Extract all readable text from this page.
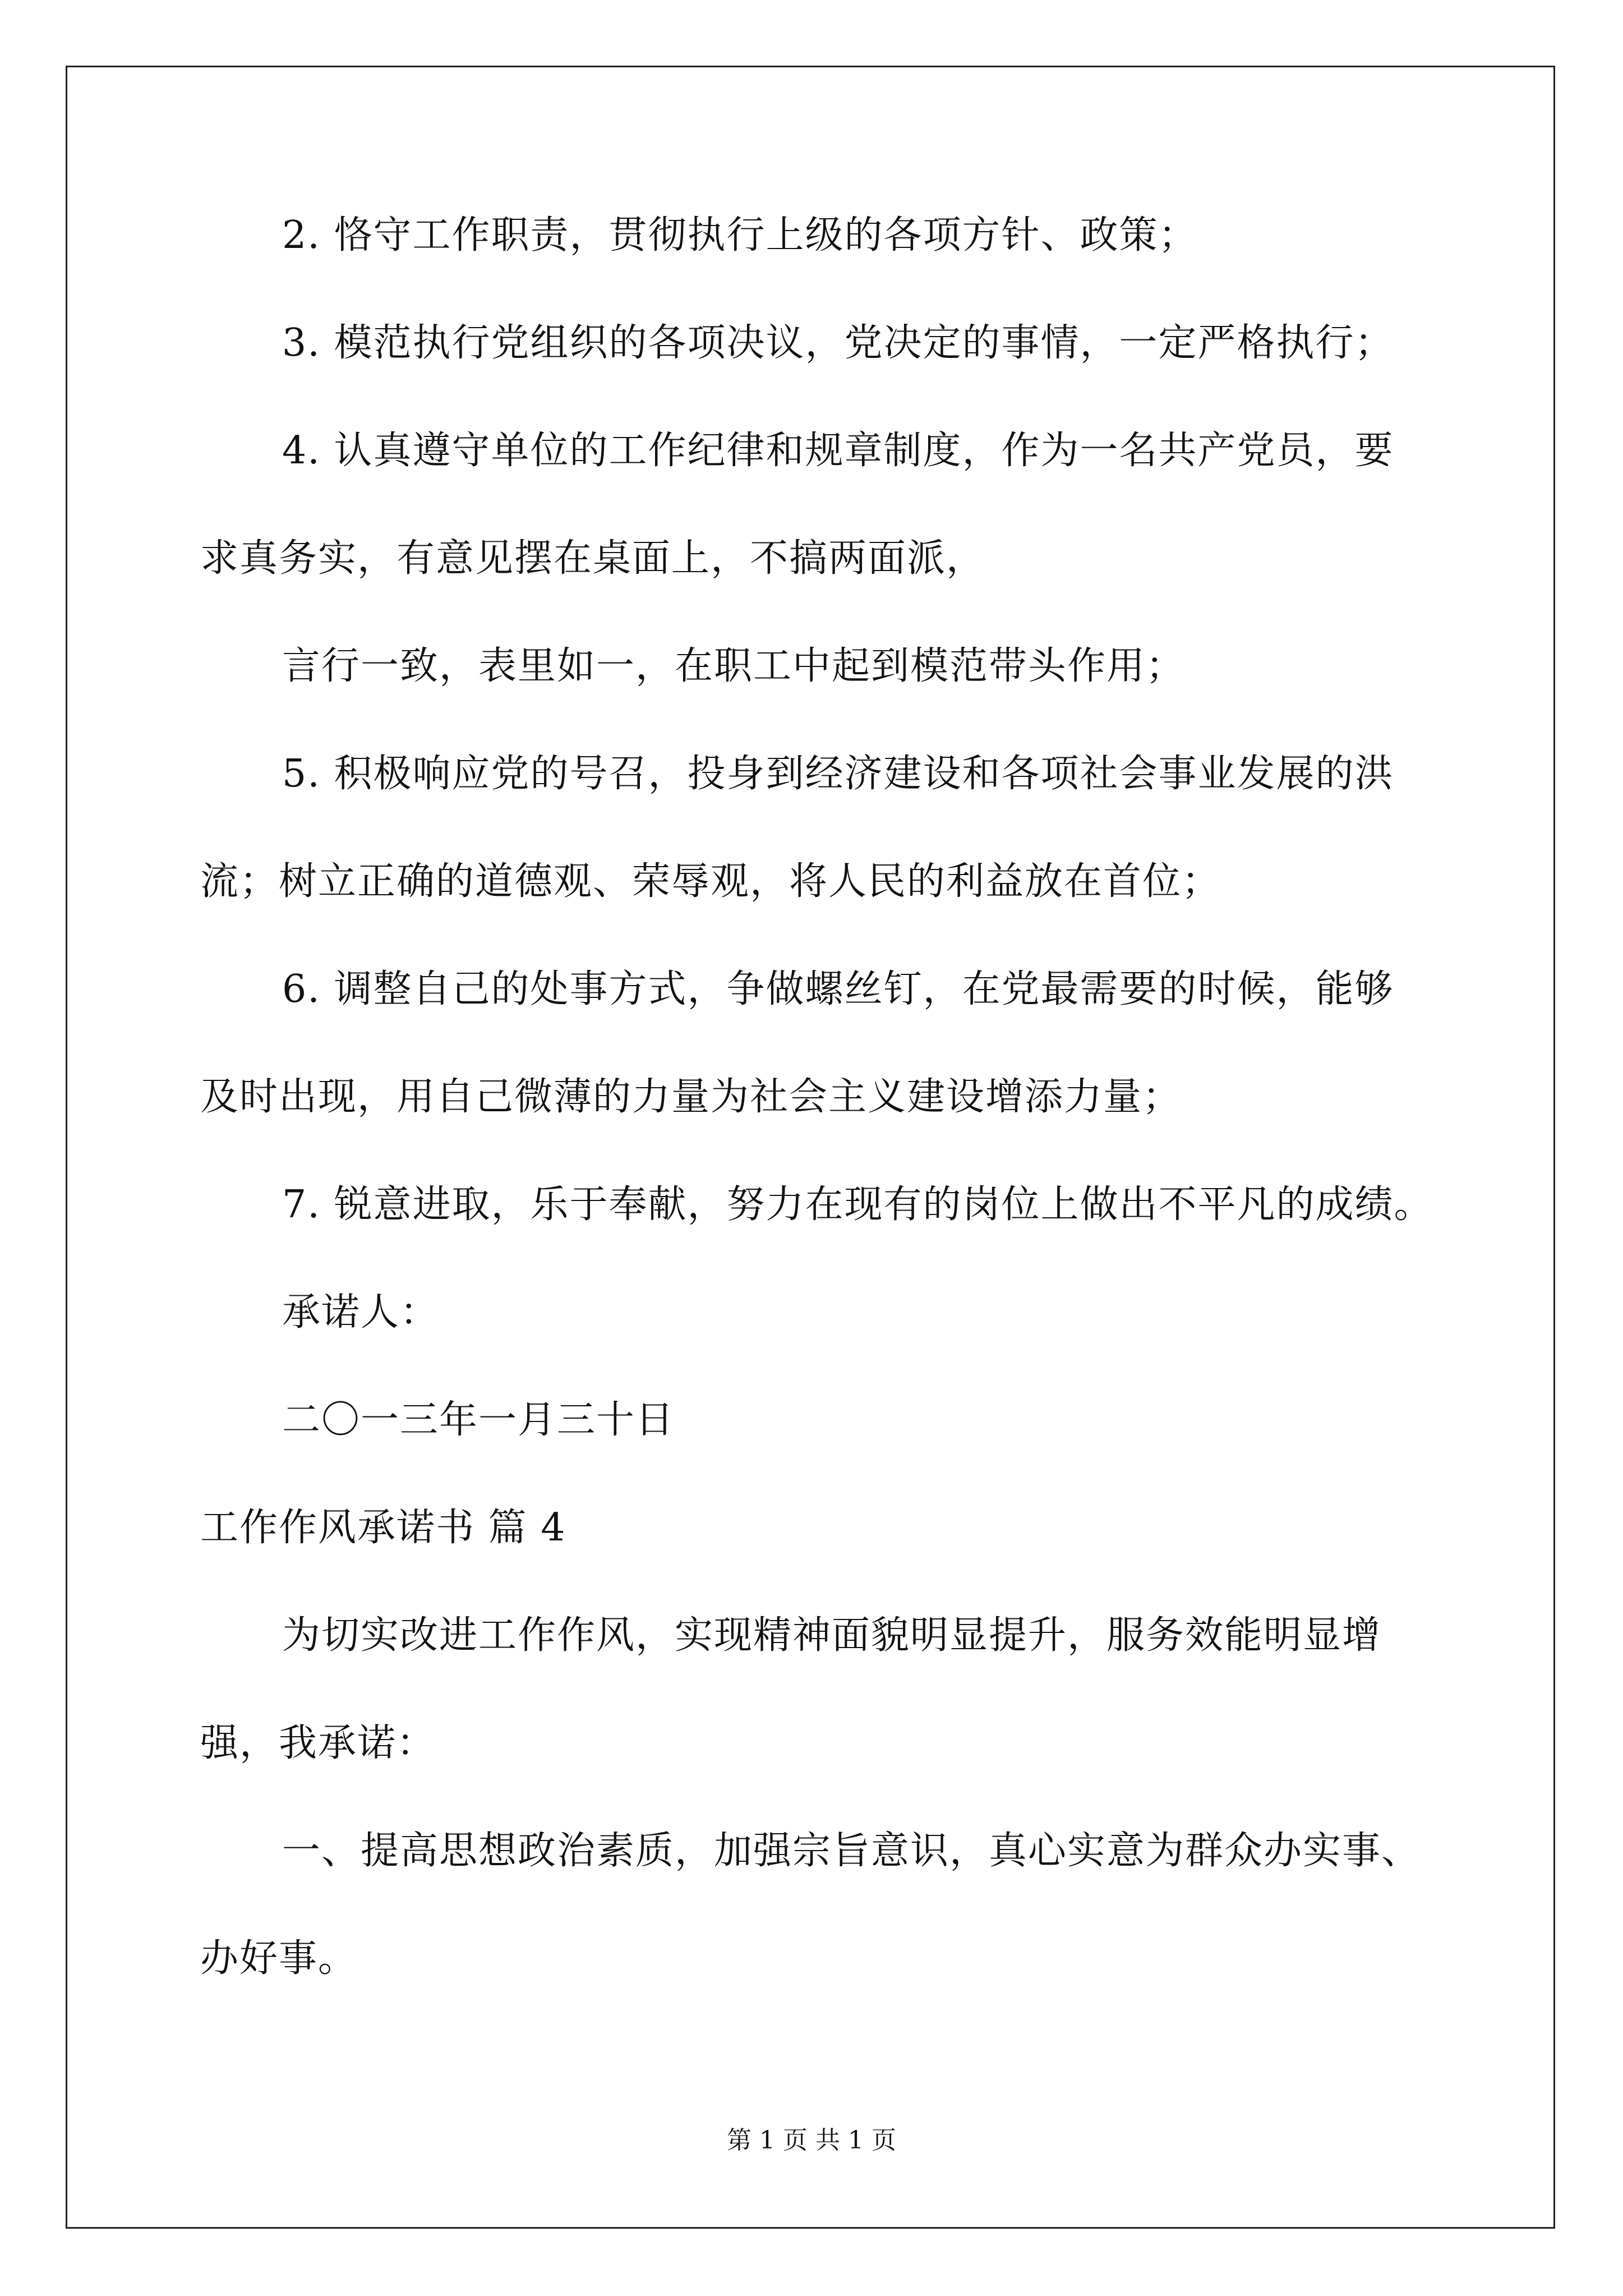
2. 恪守工作职责，贯彻执行上级的各项方针、政策；
3. 模范执行党组织的各项决议，党决定的事情，一定严格执行；
4. 认真遵守单位的工作纪律和规章制度，作为一名共产党员，要
求真务实，有意见摆在桌面上，不搞两面派，
言行一致，表里如一，在职工中起到模范带头作用；
5. 积极响应党的号召，投身到经济建设和各项社会事业发展的洪
流；树立正确的道德观、荣辱观，将人民的利益放在首位；
6. 调整自己的处事方式，争做螺丝钉，在党最需要的时候，能够
及时出现，用自己微薄的力量为社会主义建设增添力量；
7. 锐意进取，乐于奉献，努力在现有的岗位上做出不平凡的成绩。
承诺人：
二〇一三年一月三十日
工作作风承诺书 篇 4
为切实改进工作作风，实现精神面貌明显提升，服务效能明显增
强，我承诺：
一、提高思想政治素质，加强宗旨意识，真心实意为群众办实事、
办好事。
第 1 页 共 1 页
